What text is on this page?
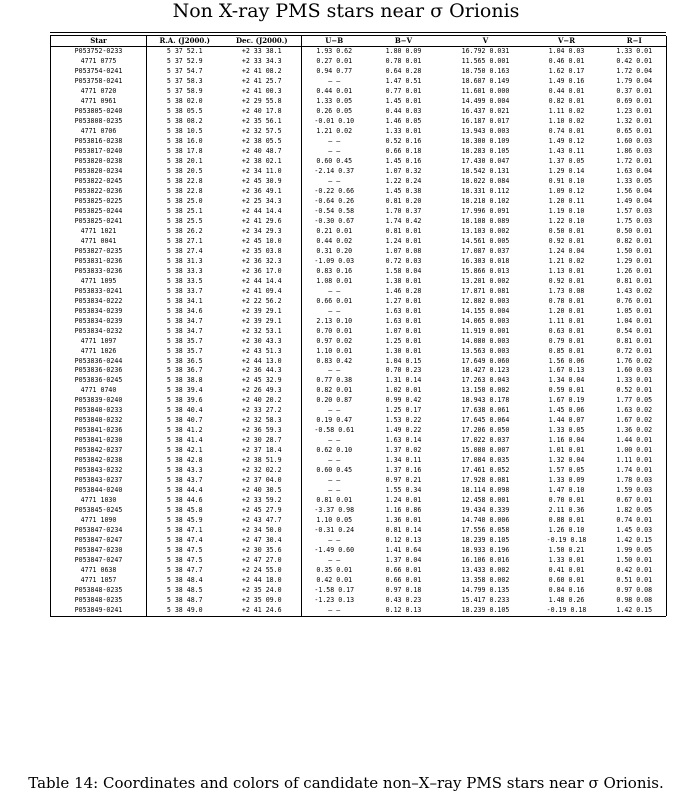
Non X-ray PMS stars near σ Orionis
Star	R.A. (J2000.)	Dec. (J2000.)	U−B	B−V	V	V−R	R−I
P053752-0233	5 37 52.1	+2 33 38.1	1.93 0.62	1.80 0.09	16.792 0.031	1.04 0.03	1.33 0.01
4771 0775	5 37 52.9	+2 33 34.3	0.27 0.01	0.78 0.01	11.565 0.001	0.46 0.01	0.42 0.01
P053754-0241	5 37 54.7	+2 41 08.2	0.94 0.77	0.64 0.28	18.750 0.163	1.62 0.17	1.72 0.04
P053758-0241	5 37 58.3	+2 41 25.7	— —	1.47 0.51	18.607 0.149	1.49 0.16	1.79 0.04
4771 0720	5 37 58.9	+2 41 00.3	0.44 0.01	0.77 0.01	11.601 0.000	0.44 0.01	0.37 0.01
4771 0961	5 38 02.0	+2 29 55.8	1.33 0.05	1.45 0.01	14.499 0.004	0.82 0.01	0.69 0.01
P053805-0240	5 38 05.5	+2 40 17.8	0.26 0.05	0.44 0.03	16.437 0.021	1.11 0.02	1.23 0.01
P053808-0235	5 38 08.2	+2 35 56.1	-0.01 0.10	1.46 0.05	16.187 0.017	1.10 0.02	1.32 0.01
4771 0706	5 38 10.5	+2 32 57.5	1.21 0.02	1.33 0.01	13.943 0.003	0.74 0.01	0.65 0.01
P053816-0238	5 38 16.0	+2 38 05.5	— —	0.52 0.16	18.300 0.109	1.49 0.12	1.60 0.03
P053817-0240	5 38 17.8	+2 40 48.7	— —	0.66 0.18	18.283 0.105	1.43 0.11	1.86 0.03
P053820-0238	5 38 20.1	+2 38 02.1	0.60 0.45	1.45 0.16	17.430 0.047	1.37 0.05	1.72 0.01
P053820-0234	5 38 20.5	+2 34 11.0	-2.14 0.37	1.07 0.32	18.542 0.131	1.29 0.14	1.63 0.04
P053822-0245	5 38 22.8	+2 45 30.9	— —	1.22 0.24	18.022 0.084	0.91 0.10	1.33 0.05
P053822-0236	5 38 22.8	+2 36 49.1	-0.22 0.66	1.45 0.38	18.331 0.112	1.09 0.12	1.56 0.04
P053825-0225	5 38 25.0	+2 25 34.3	-0.64 0.26	0.81 0.20	18.218 0.102	1.20 0.11	1.49 0.04
P053825-0244	5 38 25.1	+2 44 14.4	-0.54 0.58	1.70 0.37	17.996 0.091	1.19 0.10	1.57 0.03
P053825-0241	5 38 25.5	+2 41 29.6	-0.30 0.67	1.74 0.42	18.108 0.089	1.22 0.10	1.75 0.03
4771 1021	5 38 26.2	+2 34 29.3	0.21 0.01	0.81 0.01	13.103 0.002	0.50 0.01	0.50 0.01
4771 0041	5 38 27.1	+2 45 10.0	0.44 0.02	1.24 0.01	14.561 0.005	0.92 0.01	0.82 0.01
P053827-0235	5 38 27.4	+2 35 03.8	0.31 0.20	1.07 0.08	17.087 0.037	1.24 0.04	1.50 0.01
P053831-0236	5 38 31.3	+2 36 32.3	-1.09 0.03	0.72 0.03	16.303 0.018	1.21 0.02	1.29 0.01
P053833-0236	5 38 33.3	+2 36 17.0	0.83 0.16	1.58 0.04	15.866 0.013	1.13 0.01	1.26 0.01
4771 1095	5 38 33.5	+2 44 14.4	1.08 0.01	1.38 0.01	13.201 0.002	0.92 0.01	0.81 0.01
P053833-0241	5 38 33.7	+2 41 09.4	— —	1.46 0.28	17.871 0.081	1.73 0.08	1.43 0.02
P053834-0222	5 38 34.1	+2 22 56.2	0.66 0.01	1.27 0.01	12.802 0.003	0.78 0.01	0.76 0.01
P053834-0239	5 38 34.6	+2 39 29.1	— —	1.63 0.01	14.155 0.004	1.20 0.01	1.05 0.01
P053834-0239	5 38 34.7	+2 39 29.1	2.13 0.10	1.63 0.01	14.065 0.003	1.11 0.01	1.04 0.01
P053834-0232	5 38 34.7	+2 32 53.1	0.70 0.01	1.07 0.01	11.919 0.001	0.63 0.01	0.54 0.01
4771 1097	5 38 35.7	+2 30 43.3	0.97 0.02	1.25 0.01	14.080 0.003	0.79 0.01	0.81 0.01
4771 1026	5 38 35.7	+2 43 51.3	1.10 0.01	1.30 0.01	13.563 0.003	0.85 0.01	0.72 0.01
P053836-0244	5 38 36.5	+2 44 13.0	0.83 0.42	1.04 0.15	17.649 0.060	1.56 0.06	1.76 0.02
P053836-0236	5 38 36.7	+2 36 44.3	— —	0.70 0.23	18.427 0.123	1.67 0.13	1.60 0.03
P053836-0245	5 38 38.8	+2 45 32.9	0.77 0.38	1.31 0.14	17.263 0.043	1.34 0.04	1.33 0.01
4771 0740	5 38 39.4	+2 26 49.3	0.82 0.01	1.02 0.01	13.150 0.002	0.59 0.01	0.52 0.01
P053839-0240	5 38 39.6	+2 40 20.2	0.20 0.87	0.99 0.42	18.943 0.178	1.67 0.19	1.77 0.05
P053840-0233	5 38 40.4	+2 33 27.2	— —	1.25 0.17	17.638 0.061	1.45 0.06	1.63 0.02
P053840-0232	5 38 40.7	+2 32 58.3	0.19 0.47	1.53 0.22	17.645 0.064	1.44 0.07	1.67 0.02
P053841-0236	5 38 41.2	+2 36 59.3	-0.58 0.61	1.49 0.22	17.206 0.050	1.33 0.05	1.36 0.02
P053841-0230	5 38 41.4	+2 30 28.7	— —	1.63 0.14	17.022 0.037	1.16 0.04	1.44 0.01
P053842-0237	5 38 42.1	+2 37 18.4	0.62 0.10	1.37 0.02	15.080 0.007	1.01 0.01	1.00 0.01
P053842-0238	5 38 42.8	+2 38 51.9	— —	1.34 0.11	17.084 0.035	1.32 0.04	1.11 0.01
P053843-0232	5 38 43.3	+2 32 02.2	0.60 0.45	1.37 0.16	17.461 0.052	1.57 0.05	1.74 0.01
P053843-0237	5 38 43.7	+2 37 04.0	— —	0.97 0.21	17.928 0.081	1.33 0.09	1.78 0.03
P053844-0240	5 38 44.4	+2 40 30.5	— —	1.55 0.34	18.114 0.098	1.47 0.10	1.59 0.03
4771 1030	5 38 44.6	+2 33 59.2	0.81 0.01	1.24 0.01	12.458 0.001	0.70 0.01	0.67 0.01
P053845-0245	5 38 45.8	+2 45 27.9	-3.37 0.98	1.16 0.86	19.434 0.339	2.11 0.36	1.82 0.05
4771 1090	5 38 45.9	+2 43 47.7	1.10 0.05	1.36 0.01	14.740 0.006	0.88 0.01	0.74 0.01
P053847-0234	5 38 47.1	+2 34 50.0	-0.31 0.24	0.81 0.14	17.556 0.058	1.26 0.10	1.45 0.03
P053847-0247	5 38 47.4	+2 47 30.4	— —	0.12 0.13	18.239 0.105	-0.19 0.18	1.42 0.15
P053847-0230	5 38 47.5	+2 30 35.6	-1.49 0.60	1.41 0.64	18.933 0.196	1.50 0.21	1.99 0.05
P053847-0247	5 38 47.5	+2 47 27.0	— —	1.37 0.04	16.106 0.016	1.33 0.01	1.50 0.01
4771 0638	5 38 47.7	+2 24 55.0	0.35 0.01	0.66 0.01	13.433 0.002	0.41 0.01	0.42 0.01
4771 1057	5 38 48.4	+2 44 18.0	0.42 0.01	0.66 0.01	13.358 0.002	0.60 0.01	0.51 0.01
P053848-0235	5 38 48.5	+2 35 24.0	-1.58 0.17	0.97 0.18	14.799 0.135	0.84 0.16	0.97 0.08
P053848-0235	5 38 48.7	+2 35 09.0	-1.23 0.13	0.43 0.23	15.417 0.233	1.48 0.26	0.98 0.08
P053849-0241	5 38 49.0	+2 41 24.6	— —	0.12 0.13	18.239 0.105	-0.19 0.18	1.42 0.15
Table 14: Coordinates and colors of candidate non–X–ray PMS stars near σ Orionis.
